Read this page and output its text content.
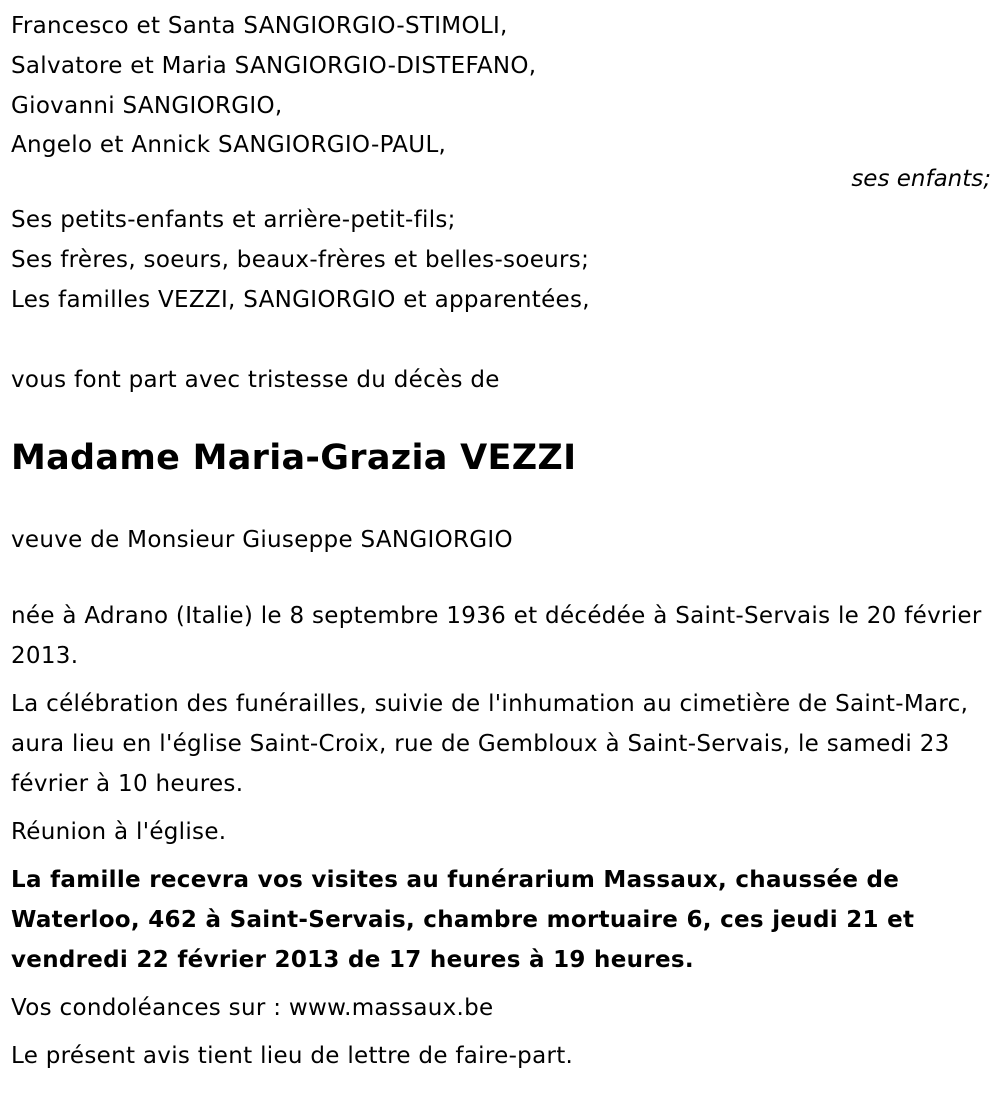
Francesco et Santa SANGIORGIO-STIMOLI,

Salvatore et Maria SANGIORGIO-DISTEFANO,

Giovanni SANGIORGIO,

Angelo et Annick SANGIORGIO-PAUL,

ses enfants;

Ses petits-enfants et arrière-petit-fils;

Ses frères, soeurs, beaux-frères et belles-soeurs;

Les familles VEZZI, SANGIORGIO et apparentées,

vous font part avec tristesse du décès de

Madame Maria-Grazia VEZZI

veuve de Monsieur Giuseppe SANGIORGIO

née à Adrano (Italie) le 8 septembre 1936 et décédée à Saint-Servais le 20 février 2013.

La célébration des funérailles, suivie de l'inhumation au cimetière de Saint-Marc, aura lieu en l'église Saint-Croix, rue de Gembloux à Saint-Servais, le samedi 23 février à 10 heures.

Réunion à l'église.

La famille recevra vos visites au funérarium Massaux, chaussée de Waterloo, 462 à Saint-Servais, chambre mortuaire 6, ces jeudi 21 et vendredi 22 février 2013 de 17 heures à 19 heures.

Vos condoléances sur : www.massaux.be

Le présent avis tient lieu de lettre de faire-part.
